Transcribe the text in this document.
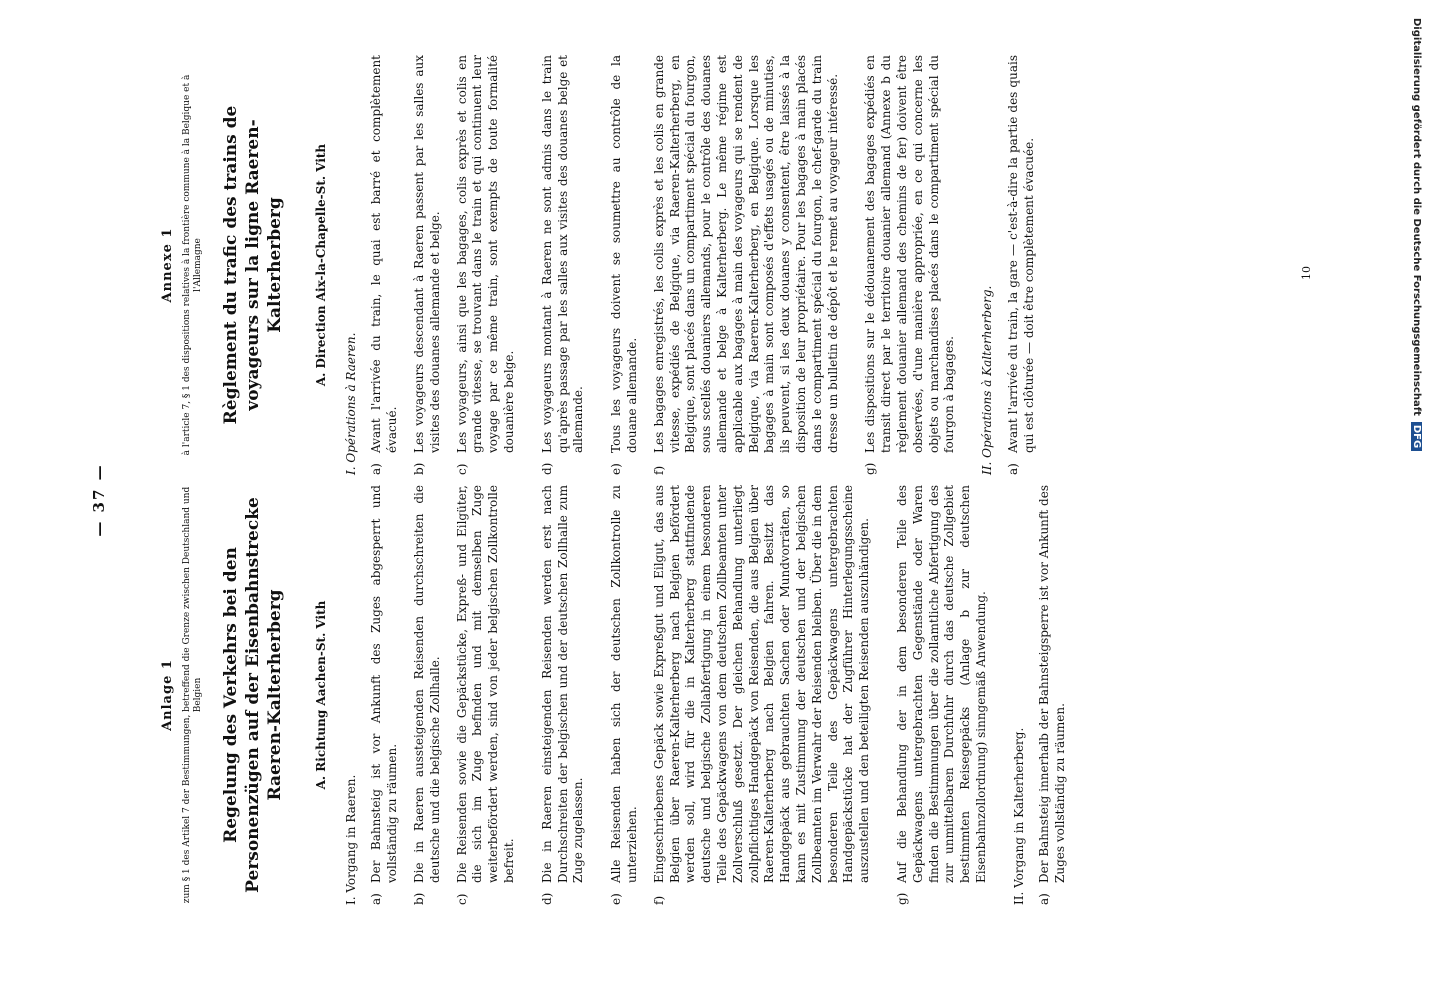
— 37 —
Anlage 1 zum § 1 des Artikel 7 der Bestimmungen, betreffend die Grenze zwischen Deutschland und Belgien Regelung des Verkehrs bei den Personenzügen auf der Eisenbahnstrecke Raeren-Kalterherberg A. Richtung Aachen-St. Vith
I. Vorgang in Raeren. a)
Der Bahnsteig ist vor Ankunft des Zuges abgesperrt und vollständig zu räumen.
b)
Die in Raeren aussteigenden Reisenden durchschreiten die deutsche und die belgische Zollhalle.
c)
Die Reisenden sowie die Gepäckstücke, Expreß- und Eilgüter, die sich im Zuge befinden und mit demselben Zuge weiterbefördert werden, sind von jeder belgischen Zollkontrolle befreit.
d)
Die in Raeren einsteigenden Reisenden werden erst nach Durchschreiten der belgischen und der deutschen Zollhalle zum Zuge zugelassen.
e)
Alle Reisenden haben sich der deutschen Zollkontrolle zu unterziehen.
f)
Eingeschriebenes Gepäck sowie Expreßgut und Eilgut, das aus Belgien über Raeren-Kalterherberg nach Belgien befördert werden soll, wird für die in Kalterherberg stattfindende deutsche und belgische Zollabfertigung in einem besonderen Teile des Gepäckwagens von dem deutschen Zollbeamten unter Zollverschluß gesetzt. Der gleichen Behandlung unterliegt zollpflichtiges Handgepäck von Reisenden, die aus Belgien über Raeren-Kalterherberg nach Belgien fahren. Besitzt das Handgepäck aus gebrauchten Sachen oder Mundvorräten, so kann es mit Zustimmung der deutschen und der belgischen Zollbeamten im Verwahr der Reisenden bleiben. Über die in dem besonderen Teile des Gepäckwagens untergebrachten Handgepäckstücke hat der Zugführer Hinterlegungsscheine auszustellen und den beteiligten Reisenden auszuhändigen.
g)
Auf die Behandlung der in dem besonderen Teile des Gepäckwagens untergebrachten Gegenstände oder Waren finden die Bestimmungen über die zollamtliche Abfertigung des zur unmittelbaren Durchfuhr durch das deutsche Zollgebiet bestimmten Reisegepäcks (Anlage b zur deutschen Eisenbahnzollordnung) sinngemäß Anwendung. II. Vorgang in Kalterherberg. a)
Der Bahnsteig innerhalb der Bahnsteigsperre ist vor Ankunft des Zuges vollständig zu räumen.
Annexe 1 à l'article 7, § 1 des dispositions relatives à la frontière commune à la Belgique et à l'Allemagne Règlement du trafic des trains de voyageurs sur la ligne Raeren-Kalterherberg A. Direction Aix-la-Chapelle-St. Vith
I. Opérations à Raeren. a)
Avant l'arrivée du train, le quai est barré et complètement évacué.
b)
Les voyageurs descendant à Raeren passent par les salles aux visites des douanes allemande et belge.
c)
Les voyageurs, ainsi que les bagages, colis exprès et colis en grande vitesse, se trouvant dans le train et qui continuent leur voyage par ce même train, sont exempts de toute formalité douanière belge.
d)
Les voyageurs montant à Raeren ne sont admis dans le train qu'après passage par les salles aux visites des douanes belge et allemande.
e)
Tous les voyageurs doivent se soumettre au contrôle de la douane allemande.
f)
Les bagages enregistrés, les colis exprès et les colis en grande vitesse, expédiés de Belgique, via Raeren-Kalterherberg, en Belgique, sont placés dans un compartiment spécial du fourgon, sous scellés douaniers allemands, pour le contrôle des douanes allemande et belge à Kalterherberg. Le même régime est applicable aux bagages à main des voyageurs qui se rendent de Belgique, via Raeren-Kalterherberg, en Belgique. Lorsque les bagages à main sont composés d'effets usagés ou de minuties, ils peuvent, si les deux douanes y consentent, être laissés à la disposition de leur propriétaire. Pour les bagages à main placés dans le compartiment spécial du fourgon, le chef-garde du train dresse un bulletin de dépôt et le remet au voyageur intéressé.
g)
Les dispositions sur le dédouanement des bagages expédiés en transit direct par le territoire douanier allemand (Annexe b du règlement douanier allemand des chemins de fer) doivent être observées, d'une manière appropriée, en ce qui concerne les objets ou marchandises placés dans le compartiment spécial du fourgon à bagages. II. Opérations à Kalterherberg. a)
Avant l'arrivée du train, la gare — c'est-à-dire la partie des quais qui est clôturée — doit être complètement évacuée.	10	Digitalisierung gefördert durch die Deutsche ForschungsgemeinschaftDFG
